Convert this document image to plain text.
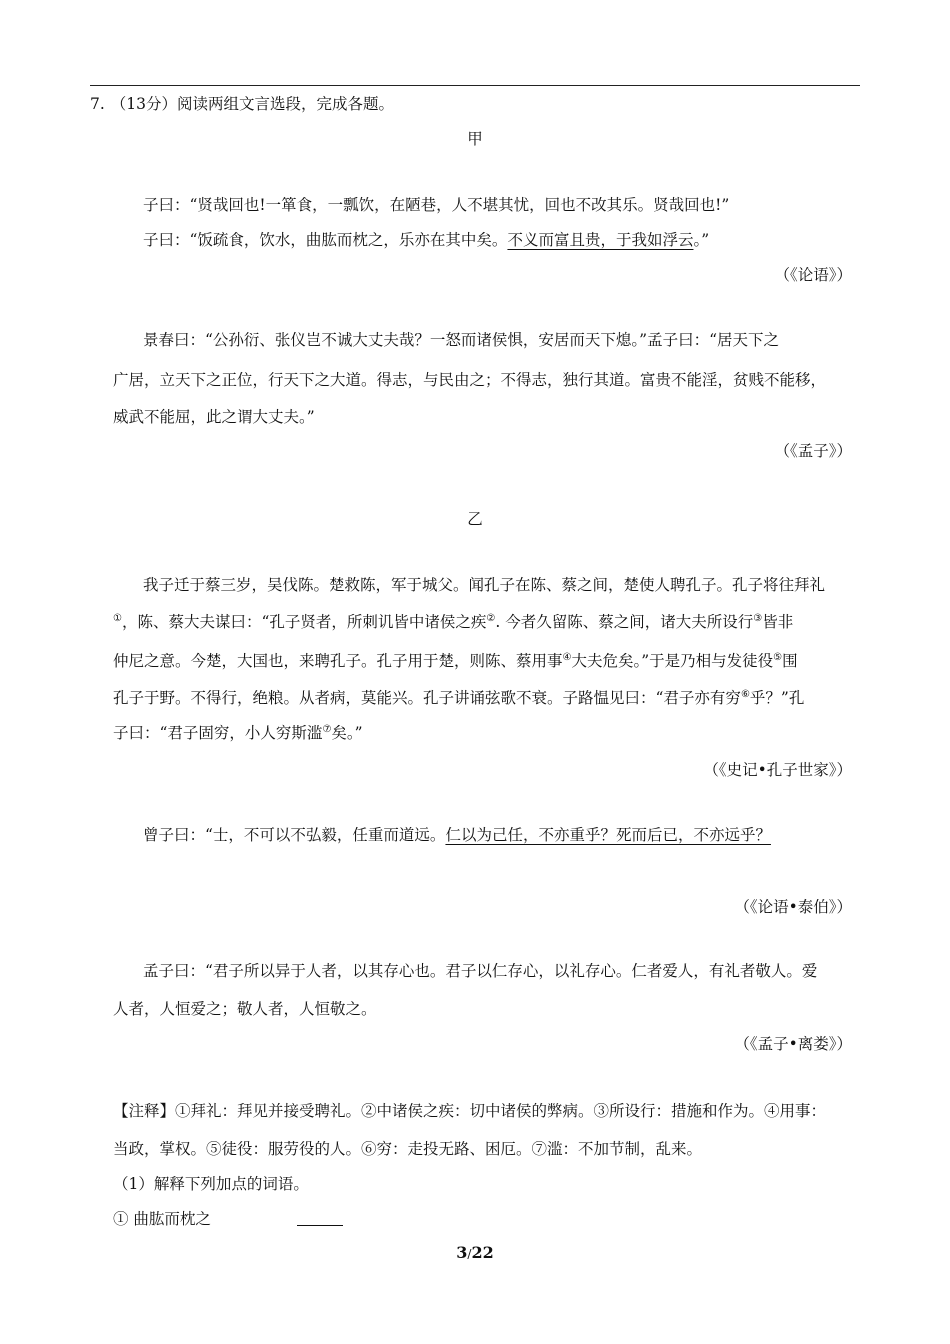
7. （13分）阅读两组文言选段，完成各题。
甲
子曰：“贤哉回也!一箪食，一瓢饮，在陋巷，人不堪其忧，回也不改其乐。贤哉回也!”
子曰：“饭疏食，饮水，曲肱而枕之，乐亦在其中矣。不义而富且贵，于我如浮云。”
（《论语》）
景春曰：“公孙衍、张仪岂不诚大丈夫哉？一怒而诸侯惧，安居而天下熄。”孟子曰：“居天下之
广居，立天下之正位，行天下之大道。得志，与民由之；不得志，独行其道。富贵不能淫，贫贱不能移，
威武不能屈，此之谓大丈夫。”
（《孟子》）
乙
我子迁于蔡三岁，吴伐陈。楚救陈，军于城父。闻孔子在陈、蔡之间，楚使人聘孔子。孔子将往拜礼
①，陈、蔡大夫谋曰：“孔子贤者，所刺讥皆中诸侯之疾②. 今者久留陈、蔡之间，诸大夫所设行③皆非
仲尼之意。今楚，大国也，来聘孔子。孔子用于楚，则陈、蔡用事④大夫危矣。”于是乃相与发徒役⑤围
孔子于野。不得行，绝粮。从者病，莫能兴。孔子讲诵弦歌不衰。子路愠见曰：“君子亦有穷⑥乎？”孔
子曰：“君子固穷，小人穷斯滥⑦矣。”
（《史记•孔子世家》）
曾子曰：“士，不可以不弘毅，任重而道远。仁以为己任，不亦重乎？死而后已，不亦远乎？
（《论语•泰伯》）
孟子曰：“君子所以异于人者，以其存心也。君子以仁存心，以礼存心。仁者爱人，有礼者敬人。爱
人者，人恒爱之；敬人者，人恒敬之。
（《孟子•离娄》）
【注释】①拜礼：拜见并接受聘礼。②中诸侯之疾：切中诸侯的弊病。③所设行：措施和作为。④用事：
当政，掌权。⑤徒役：服劳役的人。⑥穷：走投无路、困厄。⑦滥：不加节制，乱来。
（1）解释下列加点的词语。
① 曲肱而枕之
3/22
